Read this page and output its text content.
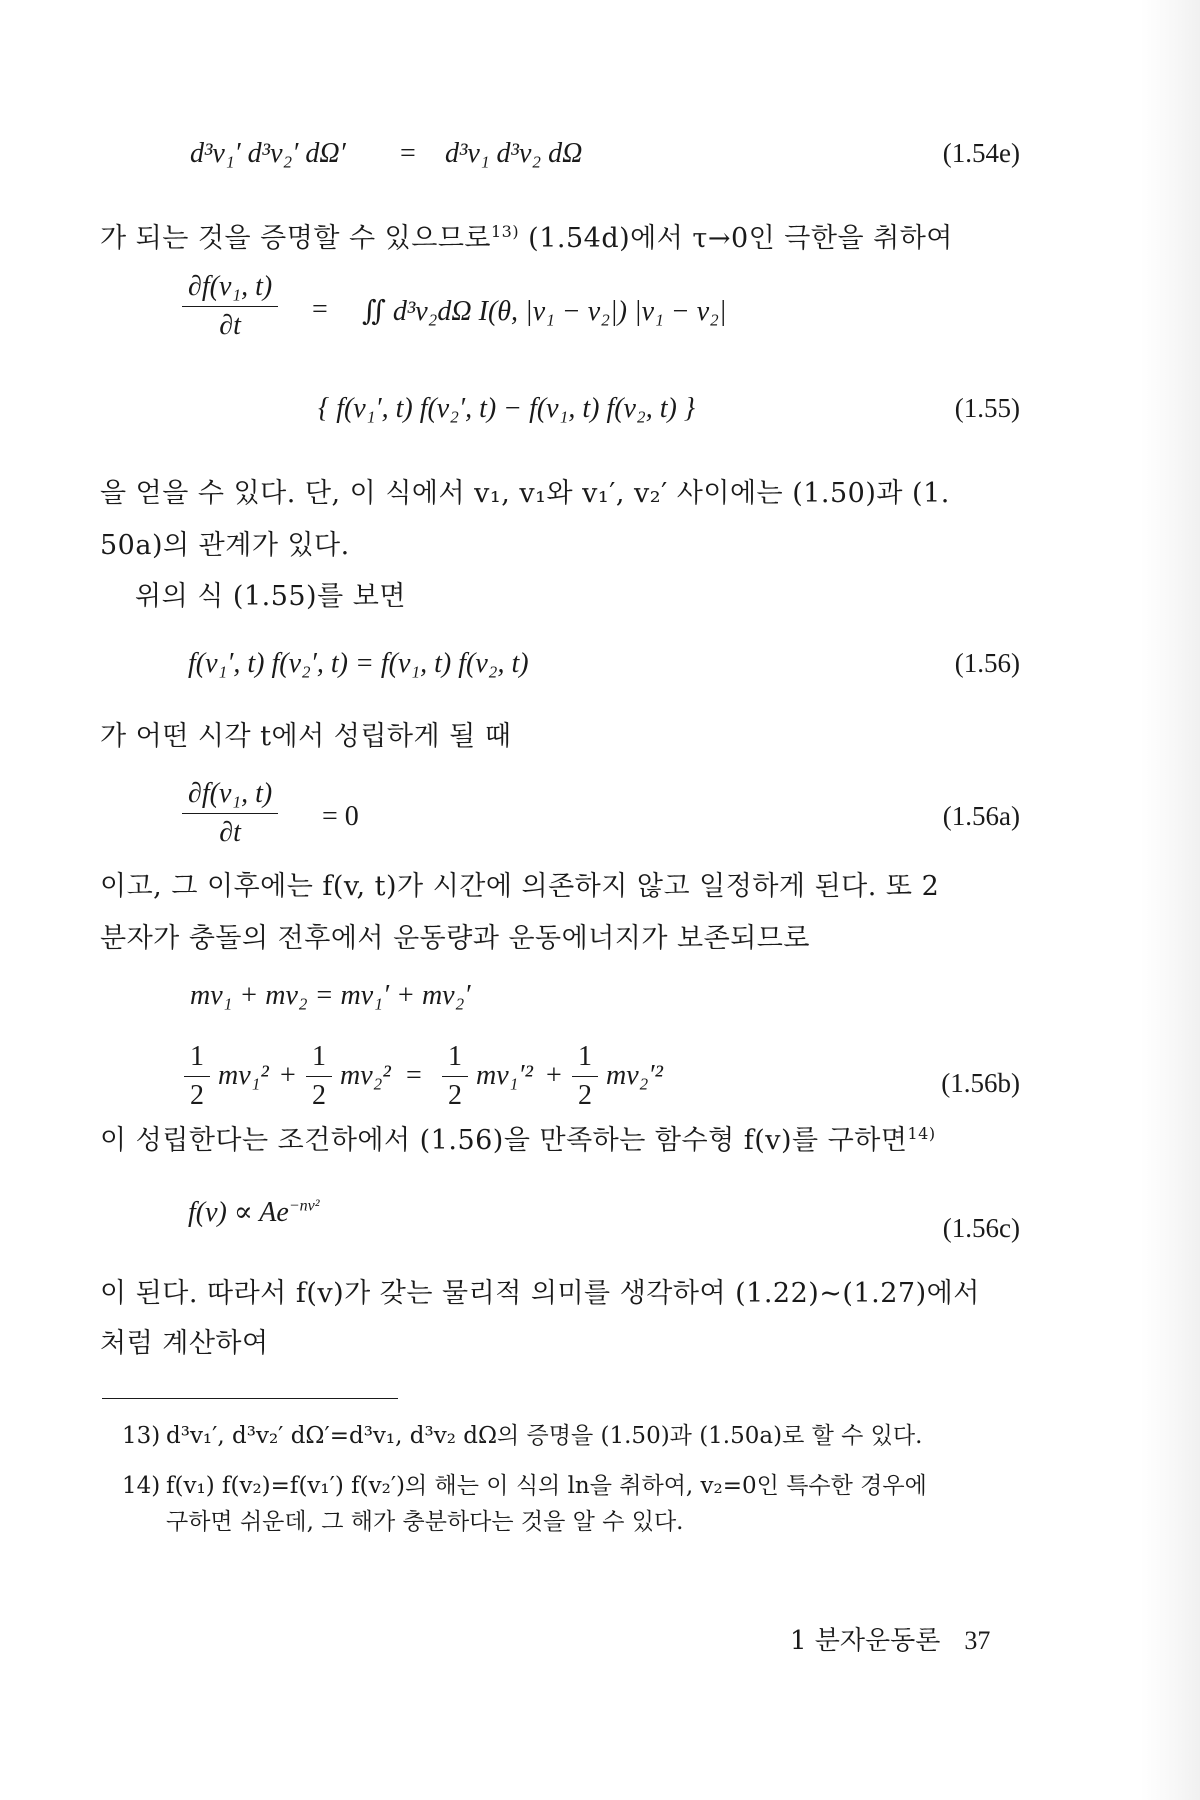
d³v₁′ d³v₂′ dΩ′ = d³v₁ d³v₂ dΩ	(1.54e)
가 되는 것을 증명할 수 있으므로$^{13)}$ (1.54d)에서 τ→0인 극한을 취하여
$\frac{\text{∂f(v₁, t)}}{\partial t}$ = ∬ d³v₂dΩ I(θ, |v₁ − v₂|) |v₁ − v₂|
{ f(v₁′, t) f(v₂′, t) − f(v₁, t) f(v₂, t) }	(1.55)
을 얻을 수 있다. 단, 이 식에서 v₁, v₁와 v₁′, v₂′ 사이에는 (1.50)과 (1.
50a)의 관계가 있다.
위의 식 (1.55)를 보면
f(v₁′, t) f(v₂′, t) = f(v₁, t) f(v₂, t)	(1.56)
가 어떤 시각 t에서 성립하게 될 때
$\frac{\text{∂f(v₁, t)}}{\partial t} = 0$	(1.56a)
이고, 그 이후에는 f(v, t)가 시간에 의존하지 않고 일정하게 된다. 또 2
분자가 충돌의 전후에서 운동량과 운동에너지가 보존되므로
mv₁ + mv₂ = mv₁′ + mv₂′
$\frac{1}{2} mv_1^2 + \frac{1}{2} mv_2^2 = \frac{1}{2} mv_1'^2 + \frac{1}{2} mv_2'^2$	(1.56b)
이 성립한다는 조건하에서 (1.56)을 만족하는 함수형 f(v)를 구하면$^{14)}$
$f(v) \propto Ae^{-nv^2}$
(1.56c)
이 된다. 따라서 f(v)가 갖는 물리적 의미를 생각하여 (1.22)~(1.27)에서
처럼 계산하여
13) d³v₁′, d³v₂′ dΩ′=d³v₁, d³v₂ dΩ의 증명을 (1.50)과 (1.50a)로 할 수 있다.
14) f(v₁) f(v₂)=f(v₁′) f(v₂′)의 해는 이 식의 ln을 취하여, v₂=0인 특수한 경우에
구하면 쉬운데, 그 해가 충분하다는 것을 알 수 있다.
1 분자운동론 37
